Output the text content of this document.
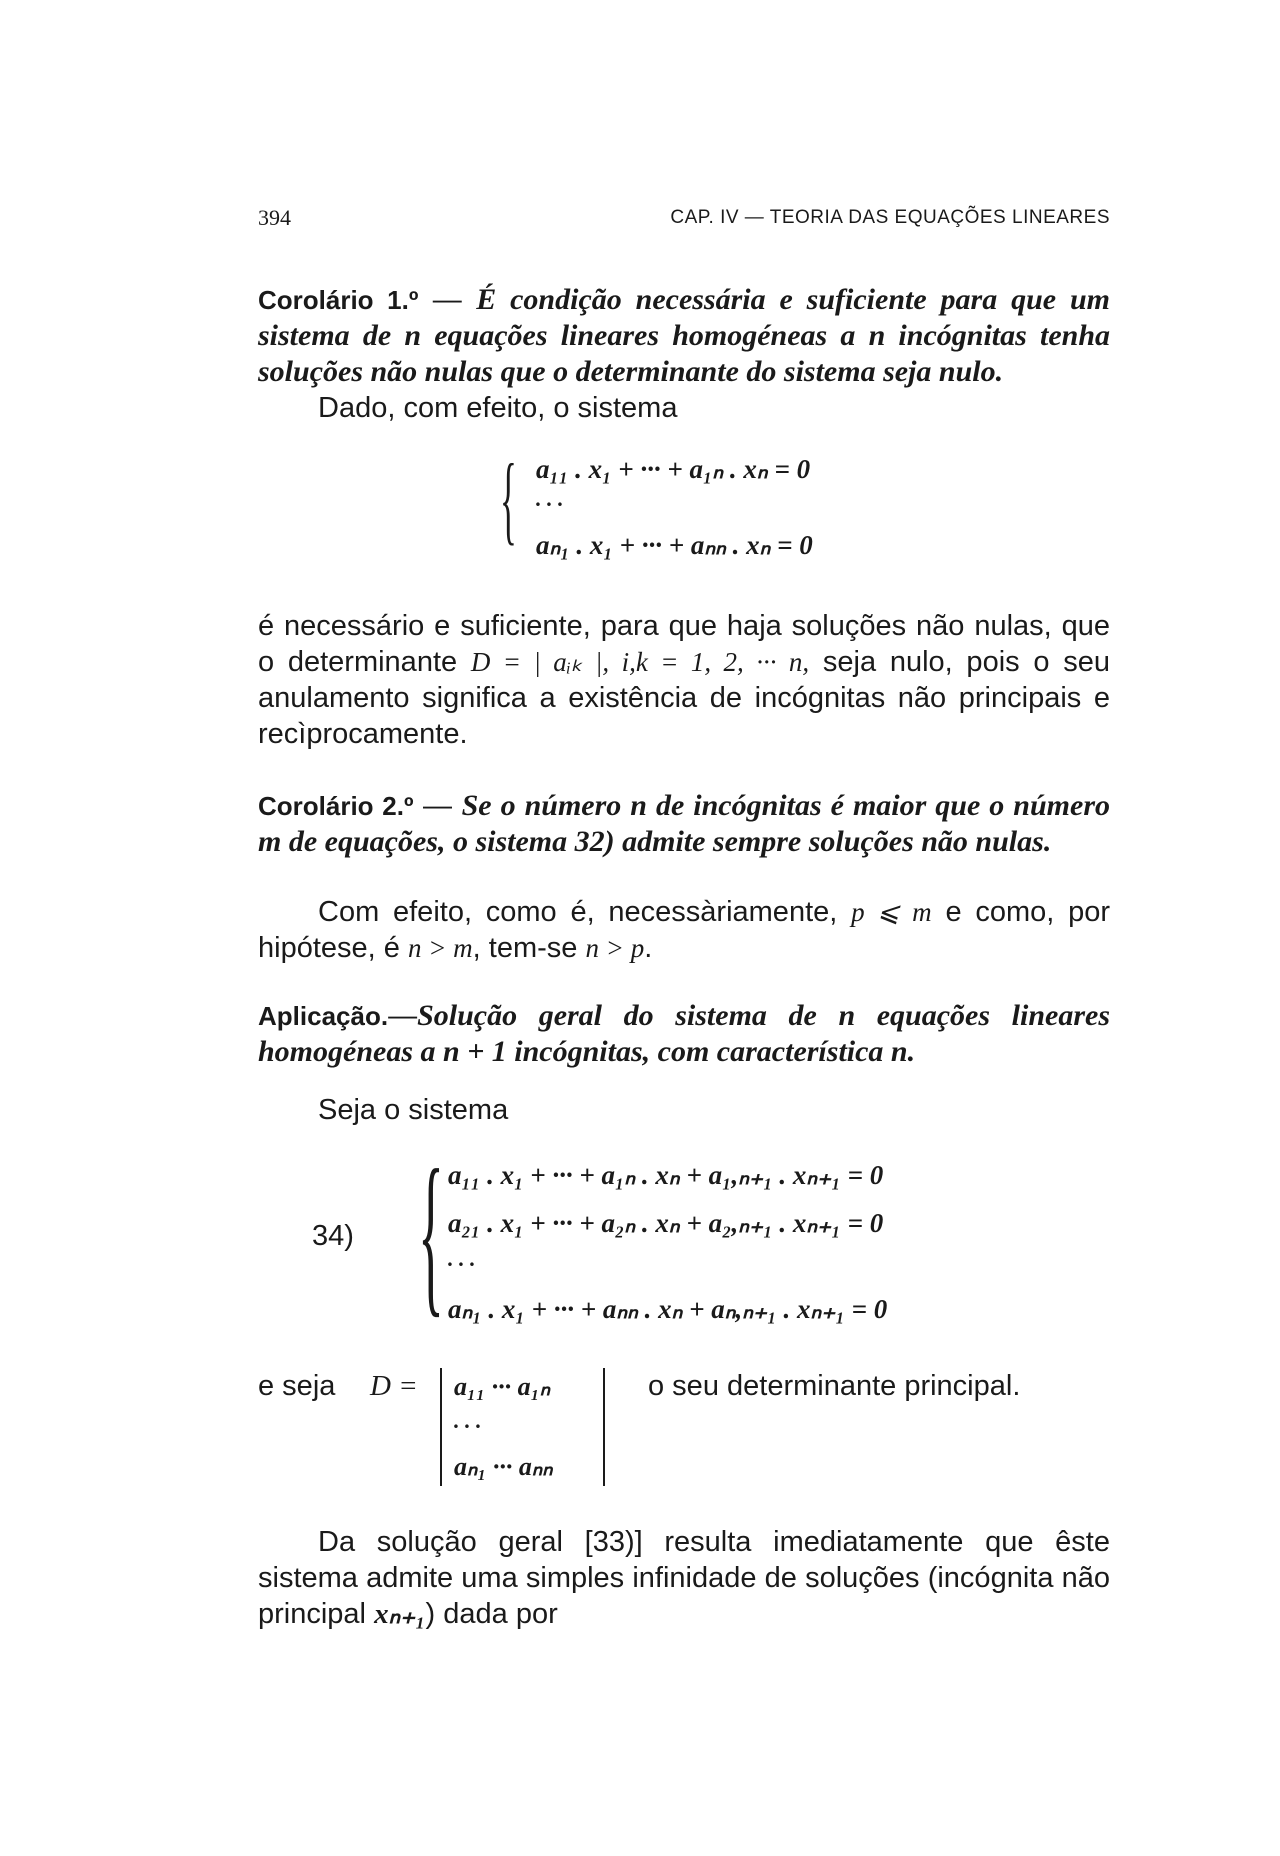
394	CAP. IV — TEORIA DAS EQUAÇÕES LINEARES
Corolário 1.º — É condição necessária e suficiente para que um sistema de n equações lineares homogéneas a n incógnitas tenha soluções não nulas que o determinante do sistema seja nulo.
Dado, com efeito, o sistema
{ a₁₁ . x₁ + ··· + a₁ₙ . xₙ = 0
. . .
aₙ₁ . x₁ + ··· + aₙₙ . xₙ = 0
é necessário e suficiente, para que haja soluções não nulas, que o determinante D = | aᵢₖ |, i,k = 1, 2, ··· n, seja nulo, pois o seu anulamento significa a existência de incógnitas não principais e recìprocamente.
Corolário 2.º — Se o número n de incógnitas é maior que o número m de equações, o sistema 32) admite sempre soluções não nulas.
Com efeito, como é, necessàriamente, p ⩽ m e como, por hipótese, é n > m, tem-se n > p.
Aplicação.—Solução geral do sistema de n equações lineares homogéneas a n + 1 incógnitas, com característica n.
Seja o sistema
34) { a₁₁ . x₁ + ··· + a₁ₙ . xₙ + a₁,ₙ₊₁ . xₙ₊₁ = 0
a₂₁ . x₁ + ··· + a₂ₙ . xₙ + a₂,ₙ₊₁ . xₙ₊₁ = 0
. . .
aₙ₁ . x₁ + ··· + aₙₙ . xₙ + aₙ,ₙ₊₁ . xₙ₊₁ = 0
e seja D = a₁₁ ··· a₁ₙ
. . .
aₙ₁ ··· aₙₙ
o seu determinante principal.
Da solução geral [33)] resulta imediatamente que êste sistema admite uma simples infinidade de soluções (incógnita não principal xₙ₊₁) dada por
